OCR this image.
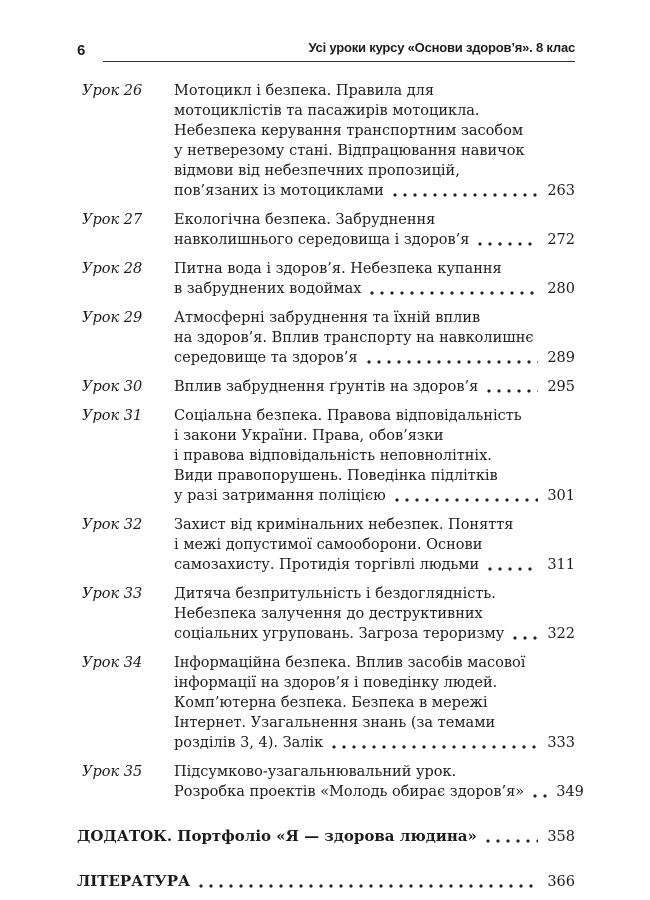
6	Усі уроки курсу «Основи здоров’я». 8 клас
Урок 26	Мотоцикл і безпека. Правила для
мотоциклістів та пасажирів мотоцикла.
Небезпека керування транспортним засобом
у нетверезому стані. Відпрацювання навичок
відмови від небезпечних пропозицій,
пов’язаних із мотоциклами	263
Урок 27	Екологічна безпека. Забруднення
навколишнього середовища і здоров’я	272
Урок 28	Питна вода і здоров’я. Небезпека купання
в забруднених водоймах	280
Урок 29	Атмосферні забруднення та їхній вплив
на здоров’я. Вплив транспорту на навколишнє
середовище та здоров’я	289
Урок 30	Вплив забруднення ґрунтів на здоров’я	295
Урок 31	Соціальна безпека. Правова відповідальність
і закони України. Права, обов’язки
і правова відповідальність неповнолітніх.
Види правопорушень. Поведінка підлітків
у разі затримання поліцією	301
Урок 32	Захист від кримінальних небезпек. Поняття
і межі допустимої самооборони. Основи
самозахисту. Протидія торгівлі людьми	311
Урок 33	Дитяча безпритульність і бездоглядність.
Небезпека залучення до деструктивних
соціальних угруповань. Загроза тероризму	322
Урок 34	Інформаційна безпека. Вплив засобів масової
інформації на здоров’я і поведінку людей.
Комп’ютерна безпека. Безпека в мережі
Інтернет. Узагальнення знань (за темами
розділів 3, 4). Залік	333
Урок 35	Підсумково-узагальнювальний урок.
Розробка проектів «Молодь обирає здоров’я» 349
ДОДАТОК. Портфоліо «Я — здорова людина»	358
ЛІТЕРАТУРА	366
